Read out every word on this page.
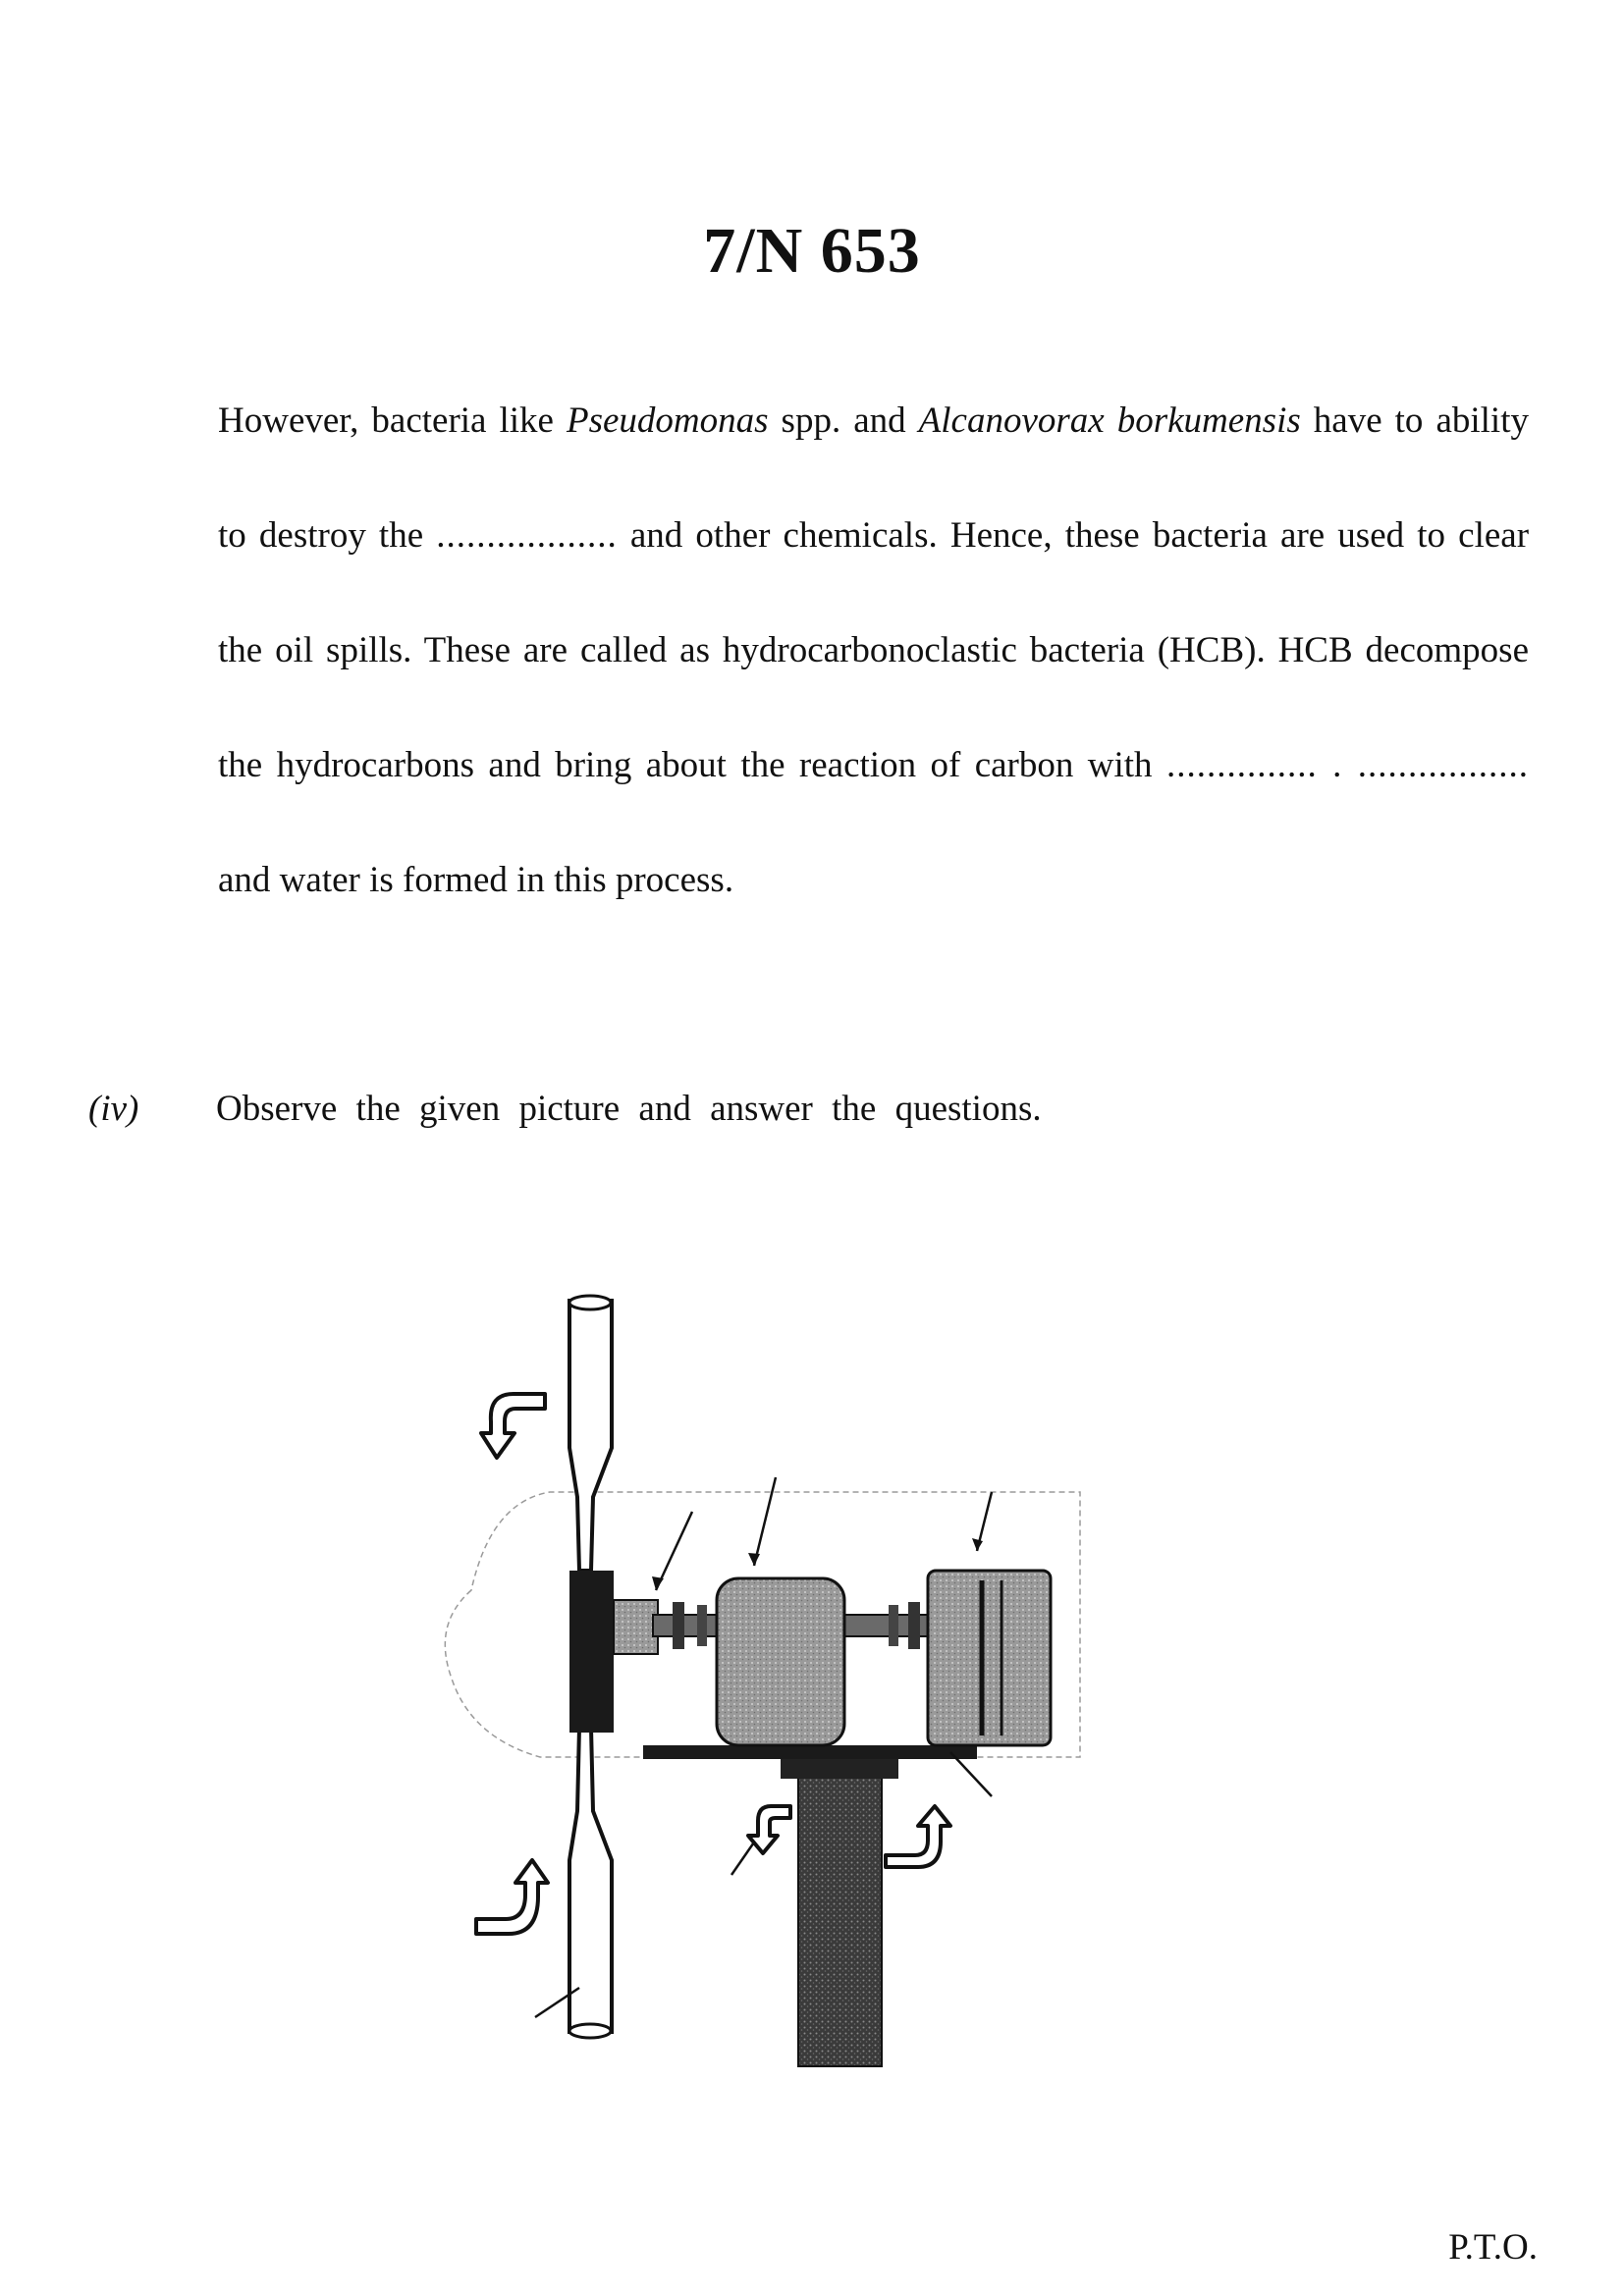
7/N 653
However, bacteria like Pseudomonas spp. and Alcanovorax borkumensis have to ability to destroy the .................. and other chemicals. Hence, these bacteria are used to clear the oil spills. These are called as hydrocarbonoclastic bacteria (HCB). HCB decompose the hydrocarbons and bring about the reaction of carbon with ............... . ................. and water is formed in this process.
(iv) Observe the given picture and answer the questions.
P.T.O.
